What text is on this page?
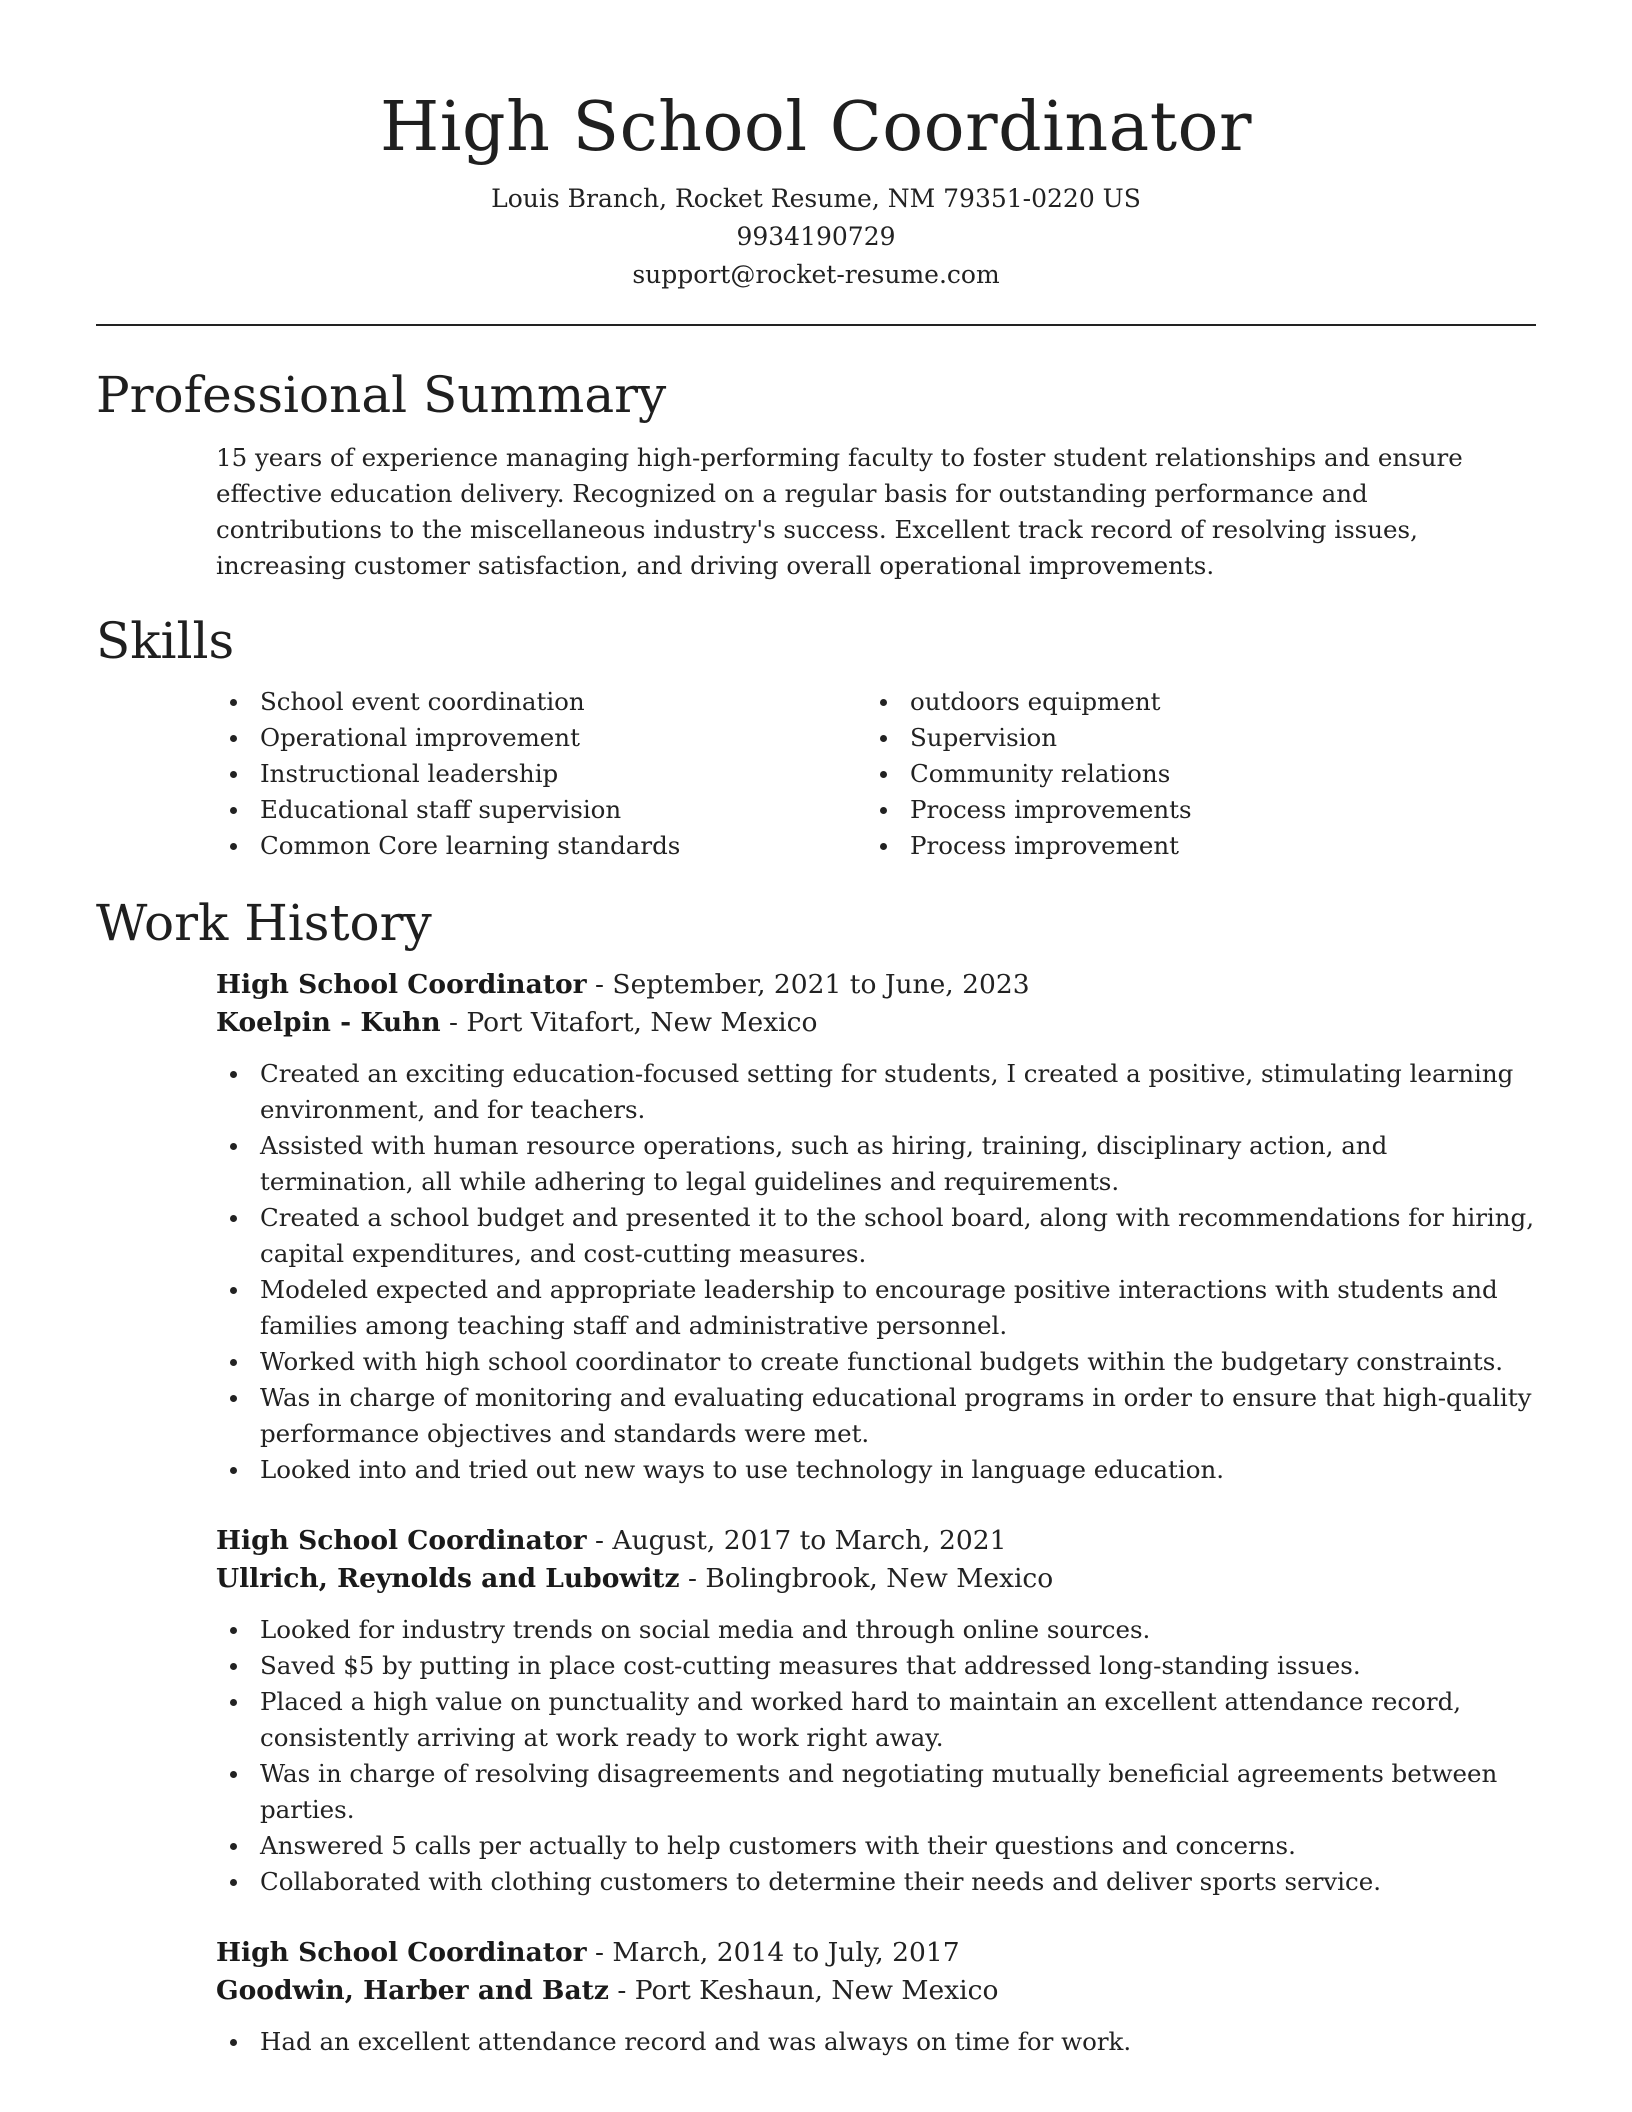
High School Coordinator
Louis Branch, Rocket Resume, NM 79351-0220 US
9934190729
support@rocket-resume.com
Professional Summary

15 years of experience managing high-performing faculty to foster student relationships and ensure effective education delivery. Recognized on a regular basis for outstanding performance and contributions to the miscellaneous industry's success. Excellent track record of resolving issues, increasing customer satisfaction, and driving overall operational improvements.

Skills
School event coordination
Operational improvement
Instructional leadership
Educational staff supervision
Common Core learning standards
outdoors equipment
Supervision
Community relations
Process improvements
Process improvement
Work History
High School Coordinator - September, 2021 to June, 2023
Koelpin - Kuhn - Port Vitafort, New Mexico
Created an exciting education-focused setting for students, I created a positive, stimulating learning environment, and for teachers.
Assisted with human resource operations, such as hiring, training, disciplinary action, and termination, all while adhering to legal guidelines and requirements.
Created a school budget and presented it to the school board, along with recommendations for hiring, capital expenditures, and cost-cutting measures.
Modeled expected and appropriate leadership to encourage positive interactions with students and families among teaching staff and administrative personnel.
Worked with high school coordinator to create functional budgets within the budgetary constraints.
Was in charge of monitoring and evaluating educational programs in order to ensure that high-quality performance objectives and standards were met.
Looked into and tried out new ways to use technology in language education.
High School Coordinator - August, 2017 to March, 2021
Ullrich, Reynolds and Lubowitz - Bolingbrook, New Mexico
Looked for industry trends on social media and through online sources.
Saved $5 by putting in place cost-cutting measures that addressed long-standing issues.
Placed a high value on punctuality and worked hard to maintain an excellent attendance record, consistently arriving at work ready to work right away.
Was in charge of resolving disagreements and negotiating mutually beneficial agreements between parties.
Answered 5 calls per actually to help customers with their questions and concerns.
Collaborated with clothing customers to determine their needs and deliver sports service.
High School Coordinator - March, 2014 to July, 2017
Goodwin, Harber and Batz - Port Keshaun, New Mexico
Had an excellent attendance record and was always on time for work.
